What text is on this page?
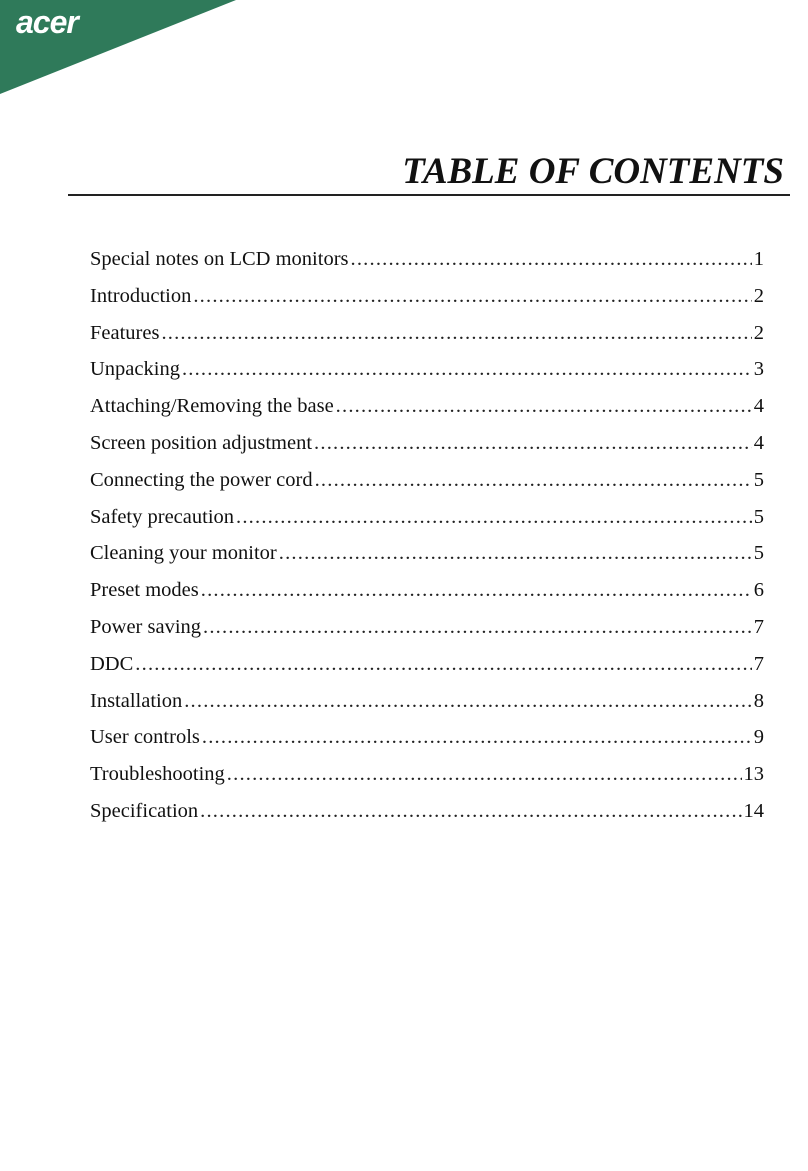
acer
TABLE OF CONTENTS
Special notes on LCD monitors .....	1
Introduction .....	2
Features .....	2
Unpacking .....	3
Attaching/Removing the base .....	4
Screen position adjustment .....	4
Connecting the power cord .....	5
Safety precaution .....	5
Cleaning your monitor .....	5
Preset modes .....	6
Power saving .....	7
DDC .....	7
Installation .....	8
User controls .....	9
Troubleshooting .....	13
Specification .....	14
